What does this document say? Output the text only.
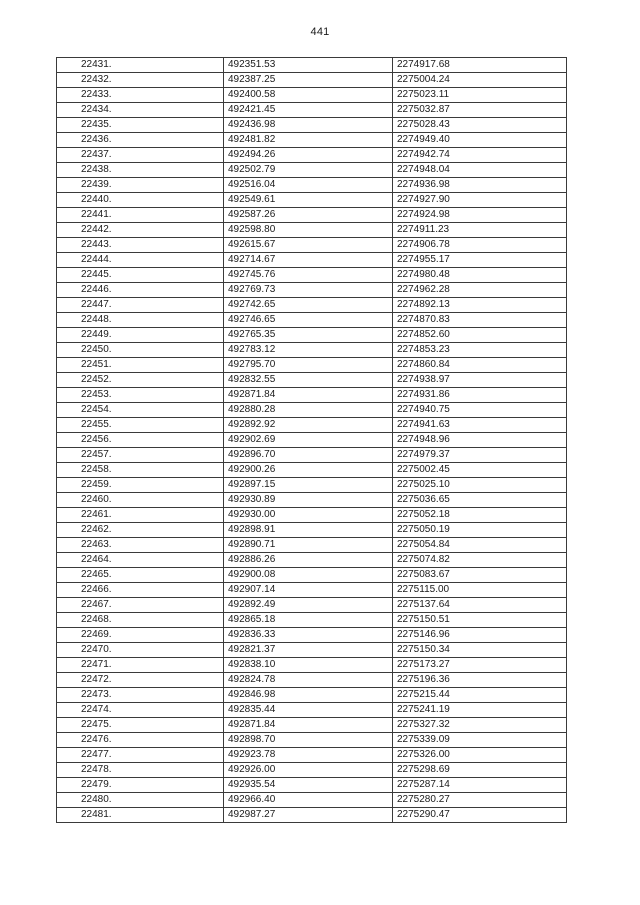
441
22431.	492351.53	2274917.68
22432.	492387.25	2275004.24
22433.	492400.58	2275023.11
22434.	492421.45	2275032.87
22435.	492436.98	2275028.43
22436.	492481.82	2274949.40
22437.	492494.26	2274942.74
22438.	492502.79	2274948.04
22439.	492516.04	2274936.98
22440.	492549.61	2274927.90
22441.	492587.26	2274924.98
22442.	492598.80	2274911.23
22443.	492615.67	2274906.78
22444.	492714.67	2274955.17
22445.	492745.76	2274980.48
22446.	492769.73	2274962.28
22447.	492742.65	2274892.13
22448.	492746.65	2274870.83
22449.	492765.35	2274852.60
22450.	492783.12	2274853.23
22451.	492795.70	2274860.84
22452.	492832.55	2274938.97
22453.	492871.84	2274931.86
22454.	492880.28	2274940.75
22455.	492892.92	2274941.63
22456.	492902.69	2274948.96
22457.	492896.70	2274979.37
22458.	492900.26	2275002.45
22459.	492897.15	2275025.10
22460.	492930.89	2275036.65
22461.	492930.00	2275052.18
22462.	492898.91	2275050.19
22463.	492890.71	2275054.84
22464.	492886.26	2275074.82
22465.	492900.08	2275083.67
22466.	492907.14	2275115.00
22467.	492892.49	2275137.64
22468.	492865.18	2275150.51
22469.	492836.33	2275146.96
22470.	492821.37	2275150.34
22471.	492838.10	2275173.27
22472.	492824.78	2275196.36
22473.	492846.98	2275215.44
22474.	492835.44	2275241.19
22475.	492871.84	2275327.32
22476.	492898.70	2275339.09
22477.	492923.78	2275326.00
22478.	492926.00	2275298.69
22479.	492935.54	2275287.14
22480.	492966.40	2275280.27
22481.	492987.27	2275290.47
